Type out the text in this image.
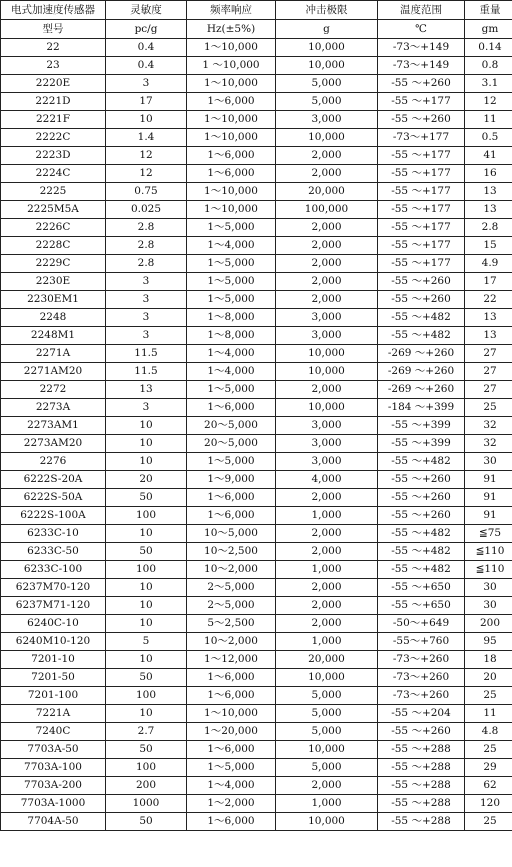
电式加速度传感器	灵敏度	频率响应	冲击极限	温度范围	重量
型号	pc/g	Hz(±5%)	g	℃	gm
22	0.4	1～10,000	10,000	-73～+149	0.14
23	0.4	1 ～10,000	10,000	-73～+149	0.8
2220E	3	1～10,000	5,000	-55 ～+260	3.1
2221D	17	1～6,000	5,000	-55 ～+177	12
2221F	10	1～10,000	3,000	-55 ～+260	11
2222C	1.4	1～10,000	10,000	-73～+177	0.5
2223D	12	1～6,000	2,000	-55 ～+177	41
2224C	12	1～6,000	2,000	-55 ～+177	16
2225	0.75	1～10,000	20,000	-55 ～+177	13
2225M5A	0.025	1～10,000	100,000	-55 ～+177	13
2226C	2.8	1～5,000	2,000	-55 ～+177	2.8
2228C	2.8	1～4,000	2,000	-55 ～+177	15
2229C	2.8	1～5,000	2,000	-55 ～+177	4.9
2230E	3	1～5,000	2,000	-55 ～+260	17
2230EM1	3	1～5,000	2,000	-55 ～+260	22
2248	3	1～8,000	3,000	-55 ～+482	13
2248M1	3	1～8,000	3,000	-55 ～+482	13
2271A	11.5	1～4,000	10,000	-269 ～+260	27
2271AM20	11.5	1～4,000	10,000	-269 ～+260	27
2272	13	1～5,000	2,000	-269 ～+260	27
2273A	3	1～6,000	10,000	-184 ～+399	25
2273AM1	10	20～5,000	3,000	-55 ～+399	32
2273AM20	10	20～5,000	3,000	-55 ～+399	32
2276	10	1～5,000	3,000	-55 ～+482	30
6222S-20A	20	1～9,000	4,000	-55 ～+260	91
6222S-50A	50	1～6,000	2,000	-55 ～+260	91
6222S-100A	100	1～6,000	1,000	-55 ～+260	91
6233C-10	10	10～5,000	2,000	-55 ～+482	≦75
6233C-50	50	10～2,500	2,000	-55 ～+482	≦110
6233C-100	100	10～2,000	1,000	-55 ～+482	≦110
6237M70-120	10	2～5,000	2,000	-55 ～+650	30
6237M71-120	10	2～5,000	2,000	-55 ～+650	30
6240C-10	10	5～2,500	2,000	-50～+649	200
6240M10-120	5	10～2,000	1,000	-55～+760	95
7201-10	10	1～12,000	20,000	-73～+260	18
7201-50	50	1～6,000	10,000	-73～+260	20
7201-100	100	1～6,000	5,000	-73～+260	25
7221A	10	1～10,000	5,000	-55 ～+204	11
7240C	2.7	1～20,000	5,000	-55 ～+260	4.8
7703A-50	50	1～6,000	10,000	-55 ～+288	25
7703A-100	100	1～5,000	5,000	-55 ～+288	29
7703A-200	200	1～4,000	2,000	-55 ～+288	62
7703A-1000	1000	1～2,000	1,000	-55 ～+288	120
7704A-50	50	1～6,000	10,000	-55 ～+288	25
